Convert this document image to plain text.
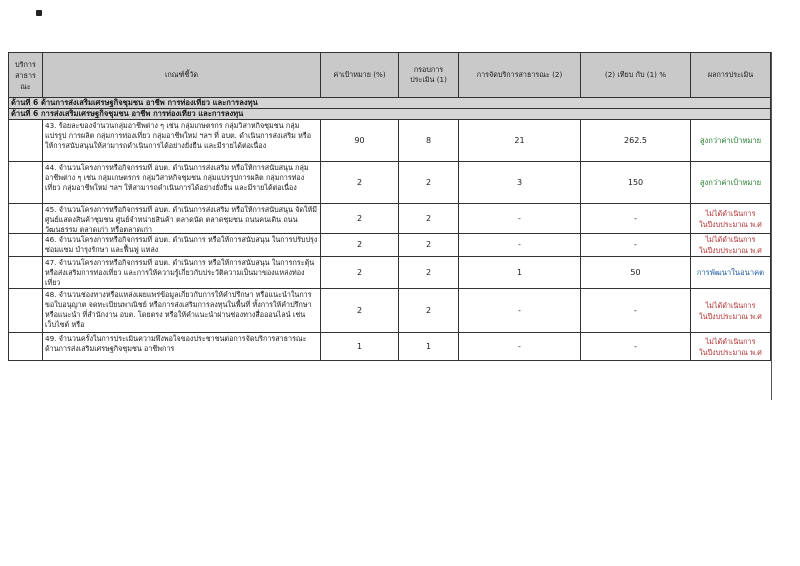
บริการ
สาธาร
ณะ	เกณฑ์ชี้วัด	ค่าเป้าหมาย (%)	กรอบการ
ประเมิน (1)	การจัดบริการสาธารณะ (2)	(2) เทียบ กับ (1) %	ผลการประเมิน
ด้านที่ 6 ด้านการส่งเสริมเศรษฐกิจชุมชน อาชีพ การท่องเที่ยว และการลงทุน						
ด้านที่ 6 การส่งเสริมเศรษฐกิจชุมชน อาชีพ การท่องเที่ยว และการลงทุน						

	43. ร้อยละของจำนวนกลุ่มอาชีพต่าง ๆ เช่น กลุ่มเกษตรกร กลุ่มวิสาหกิจชุมชน กลุ่มแปรรูป การผลิต กลุ่มการท่องเที่ยว กลุ่มอาชีพใหม่ ฯลฯ ที่ อบต. ดำเนินการส่งเสริม หรือให้การสนับสนุนให้สามารถดำเนินการได้อย่างยั่งยืน และมีรายได้ต่อเนื่อง	90	8	21	262.5	สูงกว่าค่าเป้าหมาย

	44. จำนวนโครงการหรือกิจกรรมที่ อบต. ดำเนินการส่งเสริม หรือให้การสนับสนุน กลุ่มอาชีพต่าง ๆ เช่น กลุ่มเกษตรกร กลุ่มวิสาหกิจชุมชน กลุ่มแปรรูปการผลิต กลุ่มการท่องเที่ยว กลุ่มอาชีพใหม่ ฯลฯ ให้สามารถดำเนินการได้อย่างยั่งยืน และมีรายได้ต่อเนื่อง	2	2	3	150	สูงกว่าค่าเป้าหมาย

	45. จำนวนโครงการหรือกิจกรรมที่ อบต. ดำเนินการส่งเสริม หรือให้การสนับสนุน จัดให้มีศูนย์แสดงสินค้าชุมชน ศูนย์จำหน่ายสินค้า ตลาดนัด ตลาดชุมชน ถนนคนเดิน ถนนวัฒนธรรม ตลาดเก่า หรือตลาดเก่า	2	2	-	-	ไม่ได้ดำเนินการ
ในปีงบประมาณ พ.ศ

	46. จำนวนโครงการหรือกิจกรรมที่ อบต. ดำเนินการ หรือให้การสนับสนุน ในการปรับปรุง ซ่อมแซม บำรุงรักษา และฟื้นฟู แหล่ง	2	2	-	-	ไม่ได้ดำเนินการ
ในปีงบประมาณ พ.ศ

	47. จำนวนโครงการหรือกิจกรรมที่ อบต. ดำเนินการ หรือให้การสนับสนุน ในการกระตุ้น หรือส่งเสริมการท่องเที่ยว และการให้ความรู้เกี่ยวกับประวัติความเป็นมาของแหล่งท่องเที่ยว	2	2	1	50	การพัฒนาในอนาคต

	48. จำนวนช่องทางหรือแหล่งเผยแพร่ข้อมูลเกี่ยวกับการให้คำปรึกษา หรือแนะนำในการ ขอใบอนุญาต จดทะเบียนพาณิชย์ หรือการส่งเสริมการลงทุนในพื้นที่ ทั้งการให้คำปรึกษา หรือแนะนำ ที่สำนักงาน อบต. โดยตรง หรือให้คำแนะนำผ่านช่องทางสื่อออนไลน์ เช่น เว็บไซต์ หรือ	2	2	-	-	ไม่ได้ดำเนินการ
ในปีงบประมาณ พ.ศ

	49. จำนวนครั้งในการประเมินความพึงพอใจของประชาชนต่อการจัดบริการสาธารณะ ด้านการส่งเสริมเศรษฐกิจชุมชน อาชีพการ	1	1	-	-	ไม่ได้ดำเนินการ
ในปีงบประมาณ พ.ศ
